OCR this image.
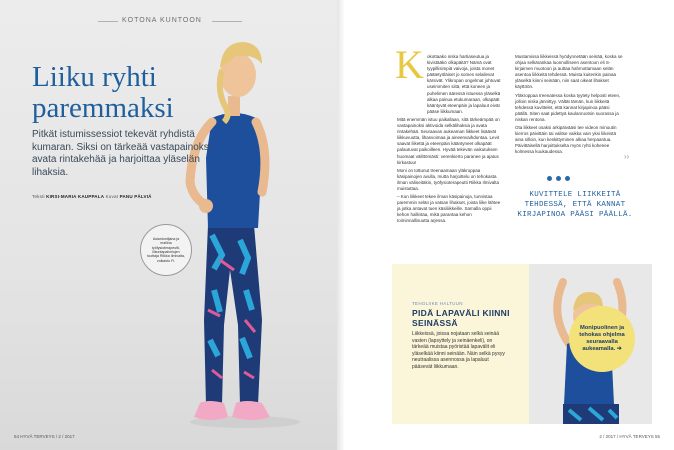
KOTONA KUNTOON
Liiku ryhti paremmaksi
Pitkät istumissessiot tekevät ryhdistä kumaran. Siksi on tärkeää vastapainoksi avata rintakehää ja harjoittaa yläselän lihaksia.
Teksti KIRSI-MARIA KAUPPALA Kuvat PANU PÄLVIÄ
Asiantuntijana ja mallina työfysioterapeutti, liikuntapalvelujen tuottaja Riikka Ilmivalta, voikasto Fi.
54 HYVÄ TERVEYS / 2 / 2017
K okottaako niska hartiaseutua ja kivistääkö olkapäitä? Nämä ovat tyypillisimpiä vaivoja, joista monet päätetyöläiset jo somes selailevat kärsivät. Ylikropan ongelmat johtuvat useimmiten siitä, että koneen ja puhelimen ääressä istuessa yläselkä alkaa painua etukumaraan, olkapäät kääntyvät eteenpäin ja lapaluut eivät pääse liikkumaan.

Mitä enemmän istuu paikallaan, sitä tärkeämpää on vastapainoksi aktivoida selkälihaksia ja avata rintakehää. Seuraavan aukeaman liikkeet lisäävät liikkuvuutta, lihasvoimaa ja aineenvaihduntaa. Levit saavat liikettä ja eteenpäin kääntyneet olkapäät palautuvat paikoilleen. Hyvää tekevän vaikutuksen huomaat välittömästi: verenkierto paranee ja ajatus kirkastuu!

Moni on tottunut treenaamaan yläkroppaa käsipainojen avulla, mutta harjoittelu on tehokasta ilman välineitäkin, työfysioterapeutti Riikka Ilmivalta muistuttaa.

– Kun liikkeet tekee ilman käsipainoja, tunnistaa paremmin selän ja vatsan lihakset, joista liike lähtee ja jotka antavat tuen käsiliikkeille. Samalla oppii kehon hallintaa, mikä parantaa kehon toiminnallisuutta arjessa.

Mustamissa liikkeissä hyödynnetään seinää, koska se ohjaa selkärankaa luonnolliseen asentoon eli S-kirjaimen muotoon ja auttaa hahmottamaan selän asentoa liikkeitä tehdessä. Muista kuitenkin painaa yläselkä kiinni seinään, niin saat oikeat lihakset käyttöön.

Yläkroppaa treenatessa koska tyytety helposti eteen, jolloin niska jännittyy. Vältät tämän, kun liikkeitä tehdessä kuvittelet, että kannat kirjapinoa pääsi päällä. Siten saat pidettyä kaulanruotsin suorassa ja niskan rentona.

Ota liikkeet osaksi arkipäivääsi tee videon minuutin kierros päivittäin tai valitse vaikka vain yksi liikeistä aina silloin, kun keskittyminen alkaa herpaantua. Päivittäisellä harjoittukselta myös ryhti kohenee kolmessa kuukaudessa.

››
KUVITTELE LIIKKEITÄ TEHDESSÄ, ETTÄ KANNAT KIRJAPINOA PÄÄSI PÄÄLLÄ.
TEHOLIIKE HALTUUN
PIDÄ LAPAVÄLI KIINNI SEINÄSSÄ
Liikkeissä, joissa nojataan selkä seinää vasten (lapsyttely ja seinäenkeli), on tärkeää muistaa pyöristää lapavälit eli yläselkää kiinni seinään. Näin selkä pysyy neutraalissa asennossa ja lapaluut pääsevät liikkumaan.
Monipuolinen ja tehokas ohjelma seuraavalla aukeamalla. ➔
2 / 2017 / HYVÄ TERVEYS 55
